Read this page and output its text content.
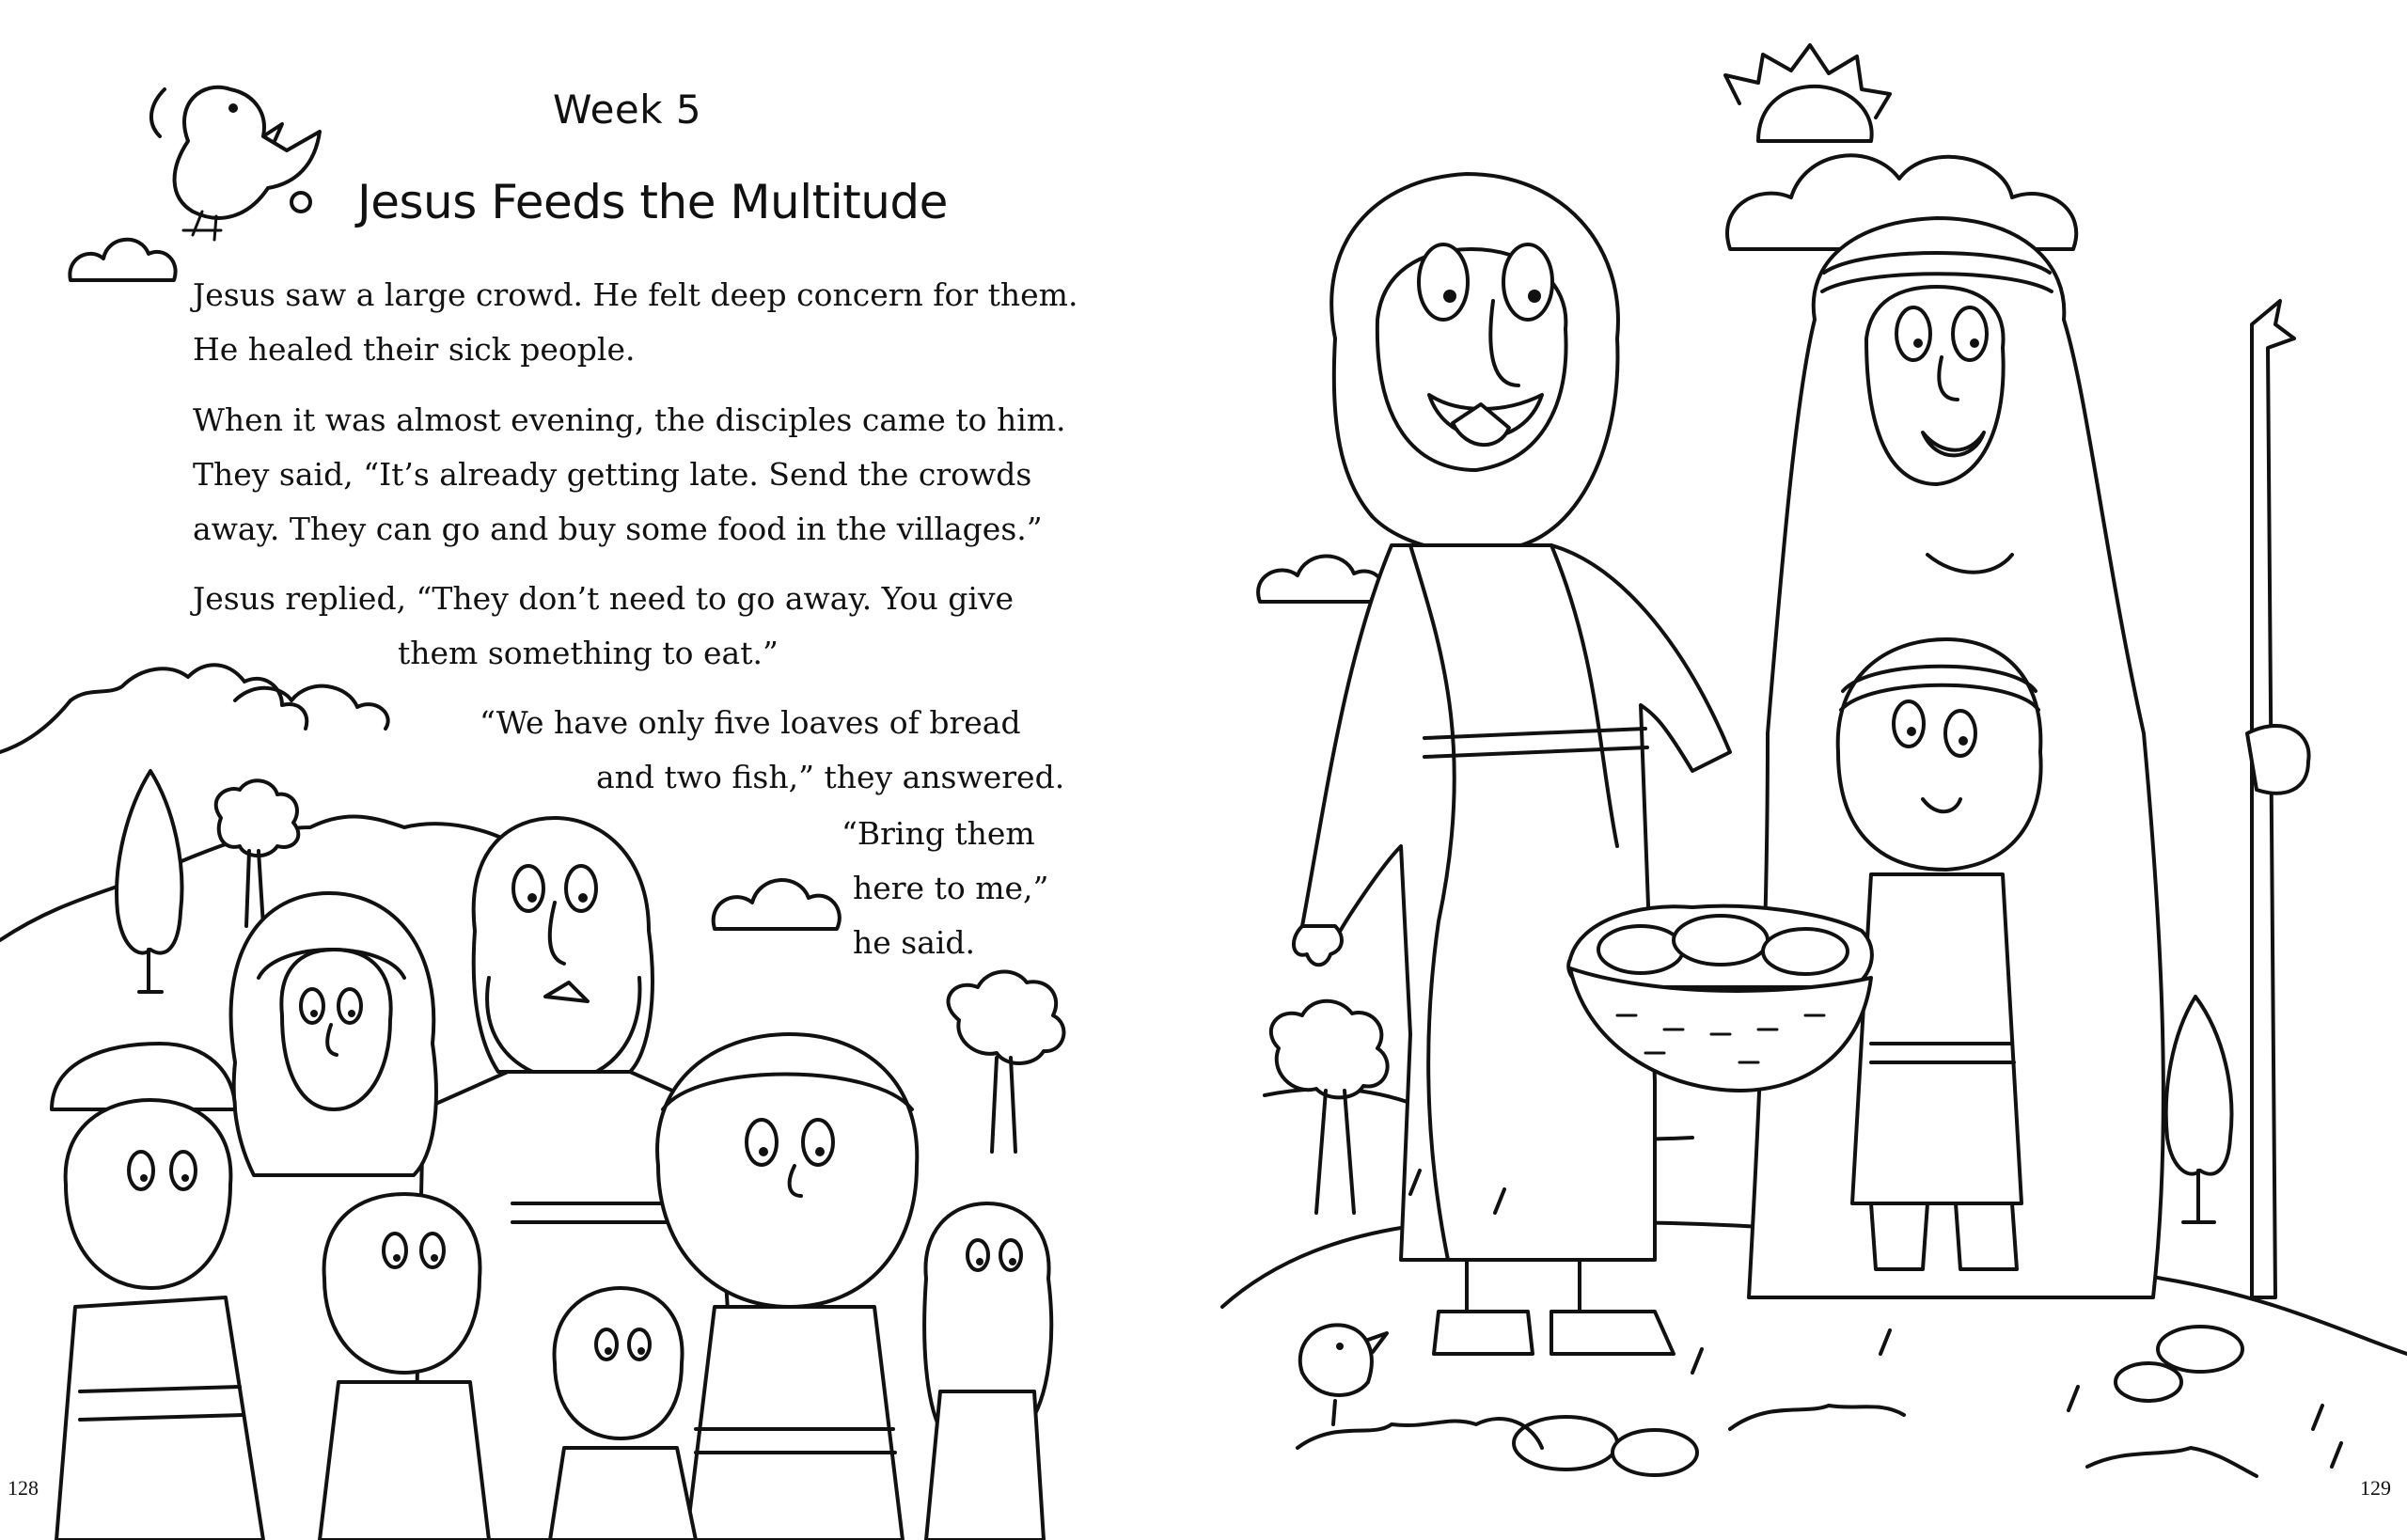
Week 5
Jesus Feeds the Multitude
Jesus saw a large crowd. He felt deep concern for them.
He healed their sick people.
When it was almost evening, the disciples came to him.
They said, “It’s already getting late. Send the crowds
away. They can go and buy some food in the villages.”
Jesus replied, “They don’t need to go away. You give
them something to eat.”
“We have only five loaves of bread
and two fish,” they answered.
“Bring them
here to me,”
he said.
128	129
